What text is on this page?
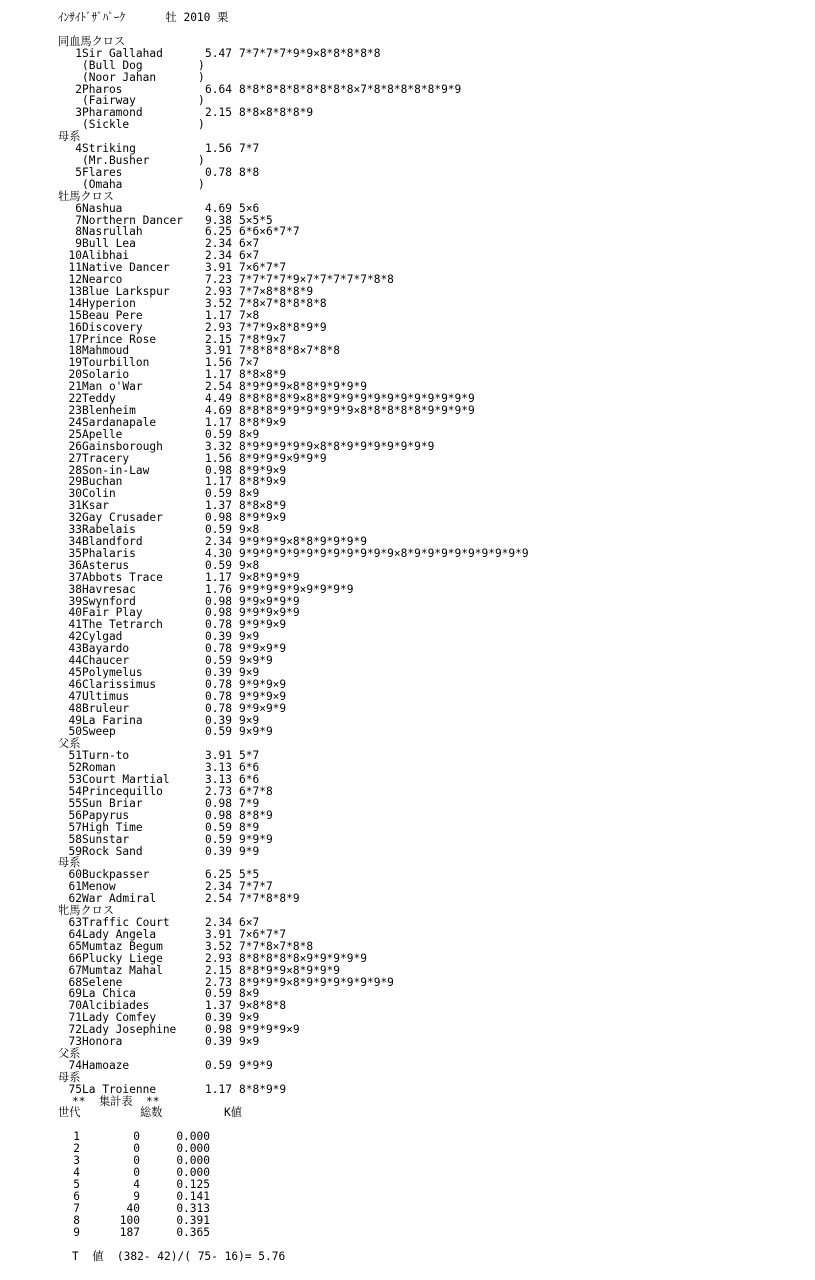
ｲﾝｻｲﾄﾞｻﾞﾊﾟｰｸ      牡 2010 栗
同血馬クロス
1Sir Gallahad	5.47 7*7*7*7*9*9×8*8*8*8*8
(Bull Dog	)
(Noor Jahan	)
2Pharos	6.64 8*8*8*8*8*8*8*8*8×7*8*8*8*8*8*9*9
(Fairway	)
3Pharamond	2.15 8*8×8*8*8*9
(Sickle	)
母系
4Striking	1.56 7*7
(Mr.Busher	)
5Flares	0.78 8*8
(Omaha	)
牡馬クロス
6Nashua	4.69 5×6
7Northern Dancer 9.38 5×5*5
8Nasrullah	6.25 6*6×6*7*7
9Bull Lea	2.34 6×7
10Alibhai	2.34 6×7
11Native Dancer	3.91 7×6*7*7
12Nearco	7.23 7*7*7*7*9×7*7*7*7*7*8*8
13Blue Larkspur	2.93 7*7×8*8*8*9
14Hyperion	3.52 7*8×7*8*8*8*8
15Beau Pere	1.17 7×8
16Discovery	2.93 7*7*9×8*8*9*9
17Prince Rose	2.15 7*8*9×7
18Mahmoud	3.91 7*8*8*8*8×7*8*8
19Tourbillon	1.56 7×7
20Solario	1.17 8*8×8*9
21Man o'War	2.54 8*9*9*9×8*8*9*9*9*9
22Teddy	4.49 8*8*8*8*9×8*8*9*9*9*9*9*9*9*9*9*9*9
23Blenheim	4.69 8*8*8*9*9*9*9*9*9×8*8*8*8*8*9*9*9*9
24Sardanapale	1.17 8*8*9×9
25Apelle	0.59 8×9
26Gainsborough	3.32 8*9*9*9*9*9×8*8*9*9*9*9*9*9*9
27Tracery	1.56 8*9*9*9×9*9*9
28Son-in-Law	0.98 8*9*9×9
29Buchan	1.17 8*8*9×9
30Colin	0.59 8×9
31Ksar	1.37 8*8×8*9
32Gay Crusader	0.98 8*9*9×9
33Rabelais	0.59 9×8
34Blandford	2.34 9*9*9*9×8*8*9*9*9*9
35Phalaris	4.30 9*9*9*9*9*9*9*9*9*9*9*9×8*9*9*9*9*9*9*9*9*9
36Asterus	0.59 9×8
37Abbots Trace	1.17 9×8*9*9*9
38Havresac	1.76 9*9*9*9*9×9*9*9*9
39Swynford	0.98 9*9×9*9*9
40Fair Play	0.98 9*9*9×9*9
41The Tetrarch	0.78 9*9*9×9
42Cylgad	0.39 9×9
43Bayardo	0.78 9*9×9*9
44Chaucer	0.59 9×9*9
45Polymelus	0.39 9×9
46Clarissimus	0.78 9*9*9×9
47Ultimus	0.78 9*9*9×9
48Bruleur	0.78 9*9×9*9
49La Farina	0.39 9×9
50Sweep	0.59 9×9*9
父系
51Turn-to	3.91 5*7
52Roman	3.13 6*6
53Court Martial	3.13 6*6
54Princequillo	2.73 6*7*8
55Sun Briar	0.98 7*9
56Papyrus	0.98 8*8*9
57High Time	0.59 8*9
58Sunstar	0.59 9*9*9
59Rock Sand	0.39 9*9
母系
60Buckpasser	6.25 5*5
61Menow	2.34 7*7*7
62War Admiral	2.54 7*7*8*8*9
牝馬クロス
63Traffic Court	2.34 6×7
64Lady Angela	3.91 7×6*7*7
65Mumtaz Begum	3.52 7*7*8×7*8*8
66Plucky Liege	2.93 8*8*8*8*8×9*9*9*9*9
67Mumtaz Mahal	2.15 8*8*9*9×8*9*9*9
68Selene	2.73 8*9*9*9×8*9*9*9*9*9*9*9
69La Chica	0.59 8×9
70Alcibiades	1.37 9×8*8*8
71Lady Comfey	0.39 9×9
72Lady Josephine	0.98 9*9*9*9×9
73Honora	0.39 9×9
父系
74Hamoaze	0.59 9*9*9
母系
75La Troienne	1.17 8*8*9*9
**  集計表  **
世代	総数	K値
1	0	0.000
2	0	0.000
3	0	0.000
4	0	0.000
5	4	0.125
6	9	0.141
7	40	0.313
8	100	0.391
9	187	0.365
T  値  (382- 42)/( 75- 16)= 5.76
